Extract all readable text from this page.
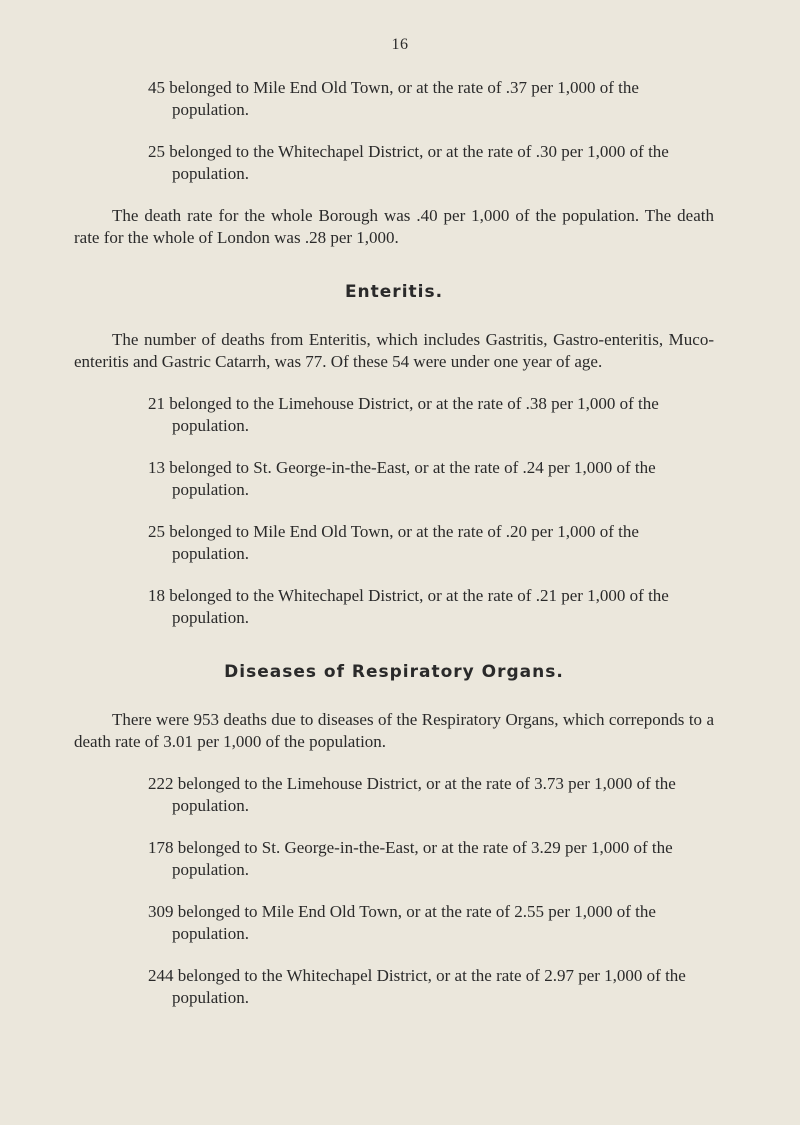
16

45 belonged to Mile End Old Town, or at the rate of .37 per 1,000 of the population.

25 belonged to the Whitechapel District, or at the rate of .30 per 1,000 of the population.

The death rate for the whole Borough was .40 per 1,000 of the population. The death rate for the whole of London was .28 per 1,000.

Enteritis.

The number of deaths from Enteritis, which includes Gastritis, Gastro-enteritis, Muco-enteritis and Gastric Catarrh, was 77. Of these 54 were under one year of age.

21 belonged to the Limehouse District, or at the rate of .38 per 1,000 of the population.

13 belonged to St. George-in-the-East, or at the rate of .24 per 1,000 of the population.

25 belonged to Mile End Old Town, or at the rate of .20 per 1,000 of the population.

18 belonged to the Whitechapel District, or at the rate of .21 per 1,000 of the population.

Diseases of Respiratory Organs.

There were 953 deaths due to diseases of the Respiratory Organs, which correponds to a death rate of 3.01 per 1,000 of the population.

222 belonged to the Limehouse District, or at the rate of 3.73 per 1,000 of the population.

178 belonged to St. George-in-the-East, or at the rate of 3.29 per 1,000 of the population.

309 belonged to Mile End Old Town, or at the rate of 2.55 per 1,000 of the population.

244 belonged to the Whitechapel District, or at the rate of 2.97 per 1,000 of the population.
